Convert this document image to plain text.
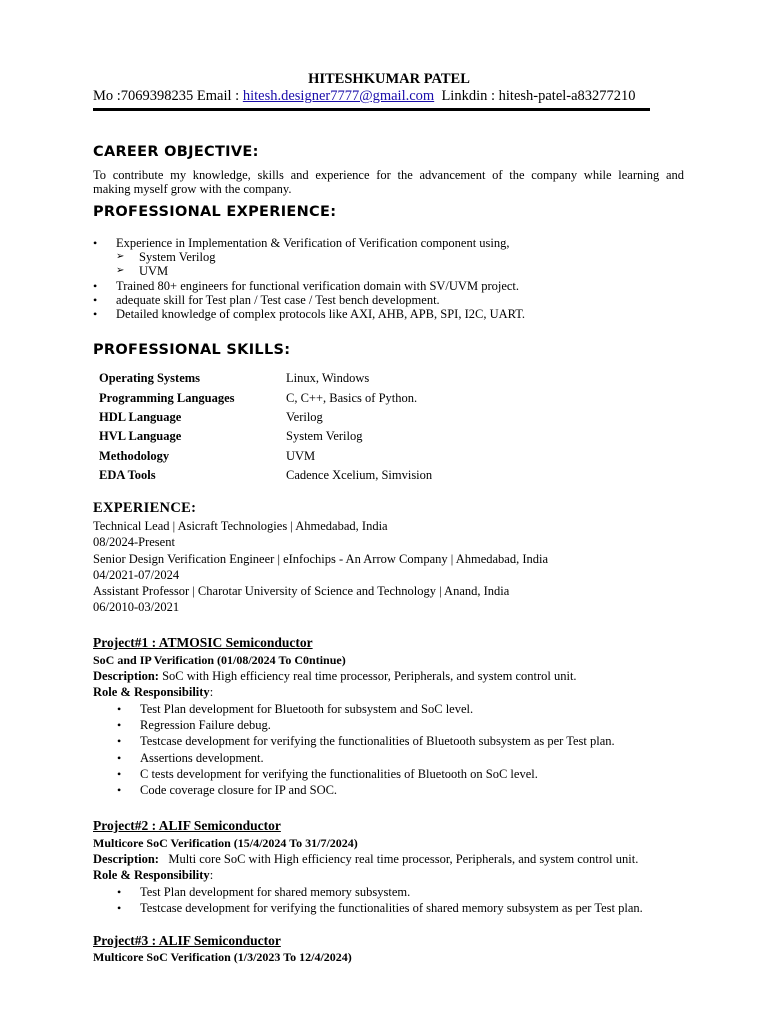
HITESHKUMAR PATEL
Mo :7069398235 Email : hitesh.designer7777@gmail.com Linkdin : hitesh-patel-a83277210
CAREER OBJECTIVE:
To contribute my knowledge, skills and experience for the advancement of the company while learning and
making myself grow with the company.
PROFESSIONAL EXPERIENCE:
• Experience in Implementation & Verification of Verification component using,
➢ System Verilog
➢ UVM
• Trained 80+ engineers for functional verification domain with SV/UVM project.
• adequate skill for Test plan / Test case / Test bench development.
• Detailed knowledge of complex protocols like AXI, AHB, APB, SPI, I2C, UART.
PROFESSIONAL SKILLS:
Operating Systems	Linux, Windows
Programming Languages	C, C++, Basics of Python.
HDL Language	Verilog
HVL Language	System Verilog
Methodology	UVM
EDA Tools	Cadence Xcelium, Simvision
EXPERIENCE:
Technical Lead | Asicraft Technologies | Ahmedabad, India
08/2024-Present
Senior Design Verification Engineer | eInfochips - An Arrow Company | Ahmedabad, India
04/2021-07/2024
Assistant Professor | Charotar University of Science and Technology | Anand, India
06/2010-03/2021
Project#1 : ATMOSIC Semiconductor
SoC and IP Verification (01/08/2024 To C0ntinue)
Description: SoC with High efficiency real time processor, Peripherals, and system control unit.
Role & Responsibility:
• Test Plan development for Bluetooth for subsystem and SoC level.
• Regression Failure debug.
• Testcase development for verifying the functionalities of Bluetooth subsystem as per Test plan.
• Assertions development.
• C tests development for verifying the functionalities of Bluetooth on SoC level.
• Code coverage closure for IP and SOC.
Project#2 : ALIF Semiconductor
Multicore SoC Verification (15/4/2024 To 31/7/2024)
Description:   Multi core SoC with High efficiency real time processor, Peripherals, and system control unit.
Role & Responsibility:
• Test Plan development for shared memory subsystem.
• Testcase development for verifying the functionalities of shared memory subsystem as per Test plan.
Project#3 : ALIF Semiconductor
Multicore SoC Verification (1/3/2023 To 12/4/2024)
